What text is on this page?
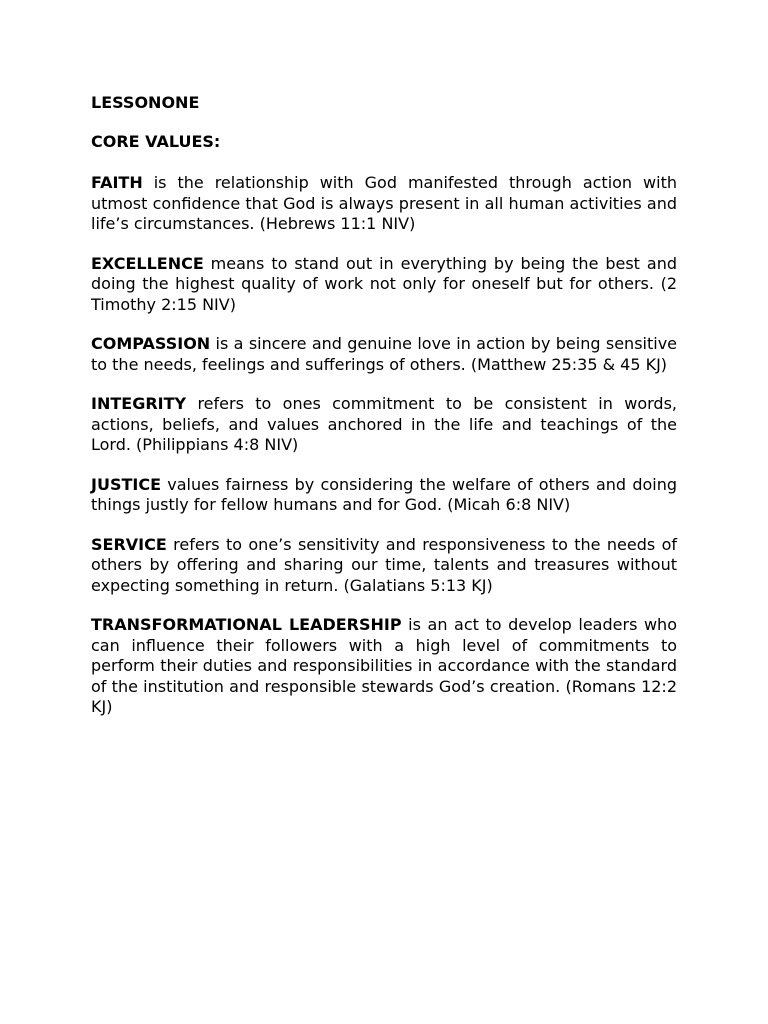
LESSONONE

CORE VALUES:

FAITH is the relationship with God manifested through action with utmost confidence that God is always present in all human activities and life’s circumstances. (Hebrews 11:1 NIV)

EXCELLENCE means to stand out in everything by being the best and doing the highest quality of work not only for oneself but for others. (2 Timothy 2:15 NIV)

COMPASSION is a sincere and genuine love in action by being sensitive to the needs, feelings and sufferings of others. (Matthew 25:35 & 45 KJ)

INTEGRITY refers to ones commitment to be consistent in words, actions, beliefs, and values anchored in the life and teachings of the Lord. (Philippians 4:8 NIV)

JUSTICE values fairness by considering the welfare of others and doing things justly for fellow humans and for God. (Micah 6:8 NIV)

SERVICE refers to one’s sensitivity and responsiveness to the needs of others by offering and sharing our time, talents and treasures without expecting something in return. (Galatians 5:13 KJ)

TRANSFORMATIONAL LEADERSHIP is an act to develop leaders who can influence their followers with a high level of commitments to perform their duties and responsibilities in accordance with the standard of the institution and responsible stewards God’s creation. (Romans 12:2 KJ)
